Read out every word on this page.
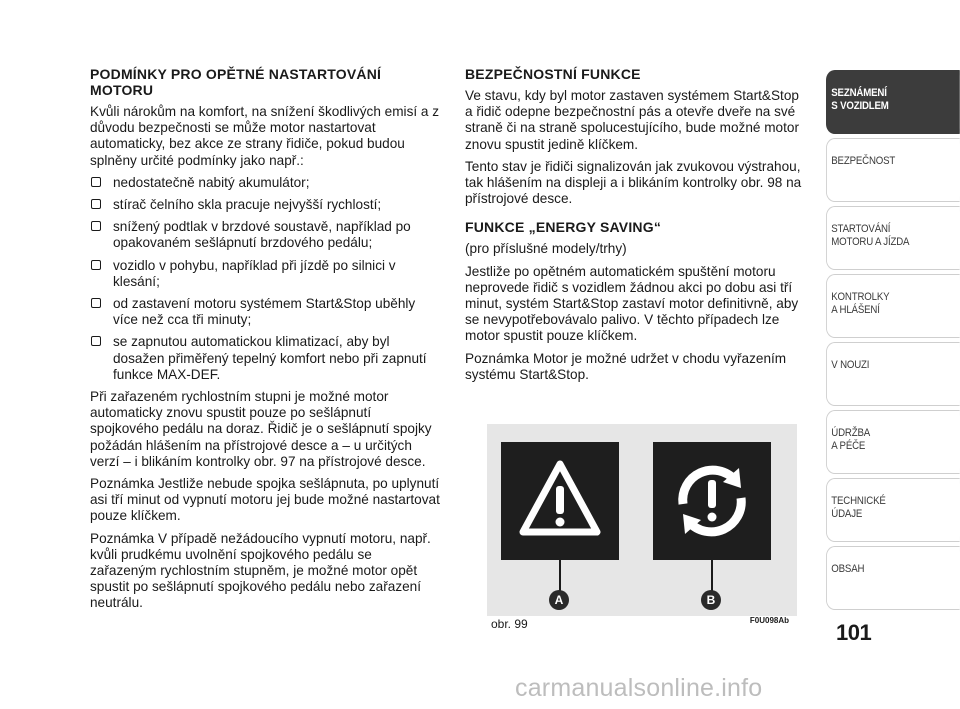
PODMÍNKY PRO OPĚTNÉ NASTARTOVÁNÍ MOTORU

Kvůli nárokům na komfort, na snížení škodlivých emisí a z důvodu bezpečnosti se může motor nastartovat automaticky, bez akce ze strany řidiče, pokud budou splněny určité podmínky jako např.:

nedostatečně nabitý akumulátor;
stírač čelního skla pracuje nejvyšší rychlostí;
snížený podtlak v brzdové soustavě, například po opakovaném sešlápnutí brzdového pedálu;
vozidlo v pohybu, například při jízdě po silnici v klesání;
od zastavení motoru systémem Start&Stop uběhly více než cca tři minuty;
se zapnutou automatickou klimatizací, aby byl dosažen přiměřený tepelný komfort nebo při zapnutí funkce MAX-DEF.

Při zařazeném rychlostním stupni je možné motor automaticky znovu spustit pouze po sešlápnutí spojkového pedálu na doraz. Řidič je o sešlápnutí spojky požádán hlášením na přístrojové desce a – u určitých verzí – i blikáním kontrolky obr. 97 na přístrojové desce.

Poznámka Jestliže nebude spojka sešlápnuta, po uplynutí asi tří minut od vypnutí motoru jej bude možné nastartovat pouze klíčkem.

Poznámka V případě nežádoucího vypnutí motoru, např. kvůli prudkému uvolnění spojkového pedálu se zařazeným rychlostním stupněm, je možné motor opět spustit po sešlápnutí spojkového pedálu nebo zařazení neutrálu.

BEZPEČNOSTNÍ FUNKCE

Ve stavu, kdy byl motor zastaven systémem Start&Stop a řidič odepne bezpečnostní pás a otevře dveře na své straně či na straně spolucestujícího, bude možné motor znovu spustit jedině klíčkem.

Tento stav je řidiči signalizován jak zvukovou výstrahou, tak hlášením na displeji a i blikáním kontrolky obr. 98 na přístrojové desce.

FUNKCE „ENERGY SAVING“

(pro příslušné modely/trhy)

Jestliže po opětném automatickém spuštění motoru neprovede řidič s vozidlem žádnou akci po dobu asi tří minut, systém Start&Stop zastaví motor definitivně, aby se nevypotřebovávalo palivo. V těchto případech lze motor spustit pouze klíčkem.

Poznámka Motor je možné udržet v chodu vyřazením systému Start&Stop.

A	B
obr. 99	F0U098Ab
SEZNÁMENÍ
S VOZIDLEM
BEZPEČNOST
STARTOVÁNÍ
MOTORU A JÍZDA
KONTROLKY
A HLÁŠENÍ
V NOUZI
ÚDRŽBA
A PÉČE
TECHNICKÉ
ÚDAJE
OBSAH
101
carmanualsonline.info
